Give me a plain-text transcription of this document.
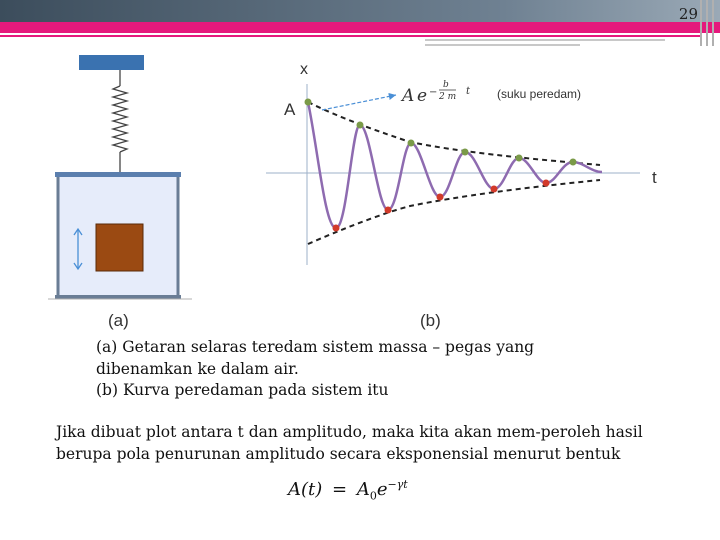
29
(a)
x
t
A
A e −
b
2 m t (suku peredam)
(b)
(a) Getaran selaras teredam sistem massa – pegas yang
dibenamkan ke dalam air.
(b) Kurva peredaman pada sistem itu
Jika dibuat plot antara t dan amplitudo, maka kita akan mem-peroleh hasil
berupa pola penurunan amplitudo secara eksponensial menurut bentuk
$A(t) = A_0e^{-\gamma t}$
